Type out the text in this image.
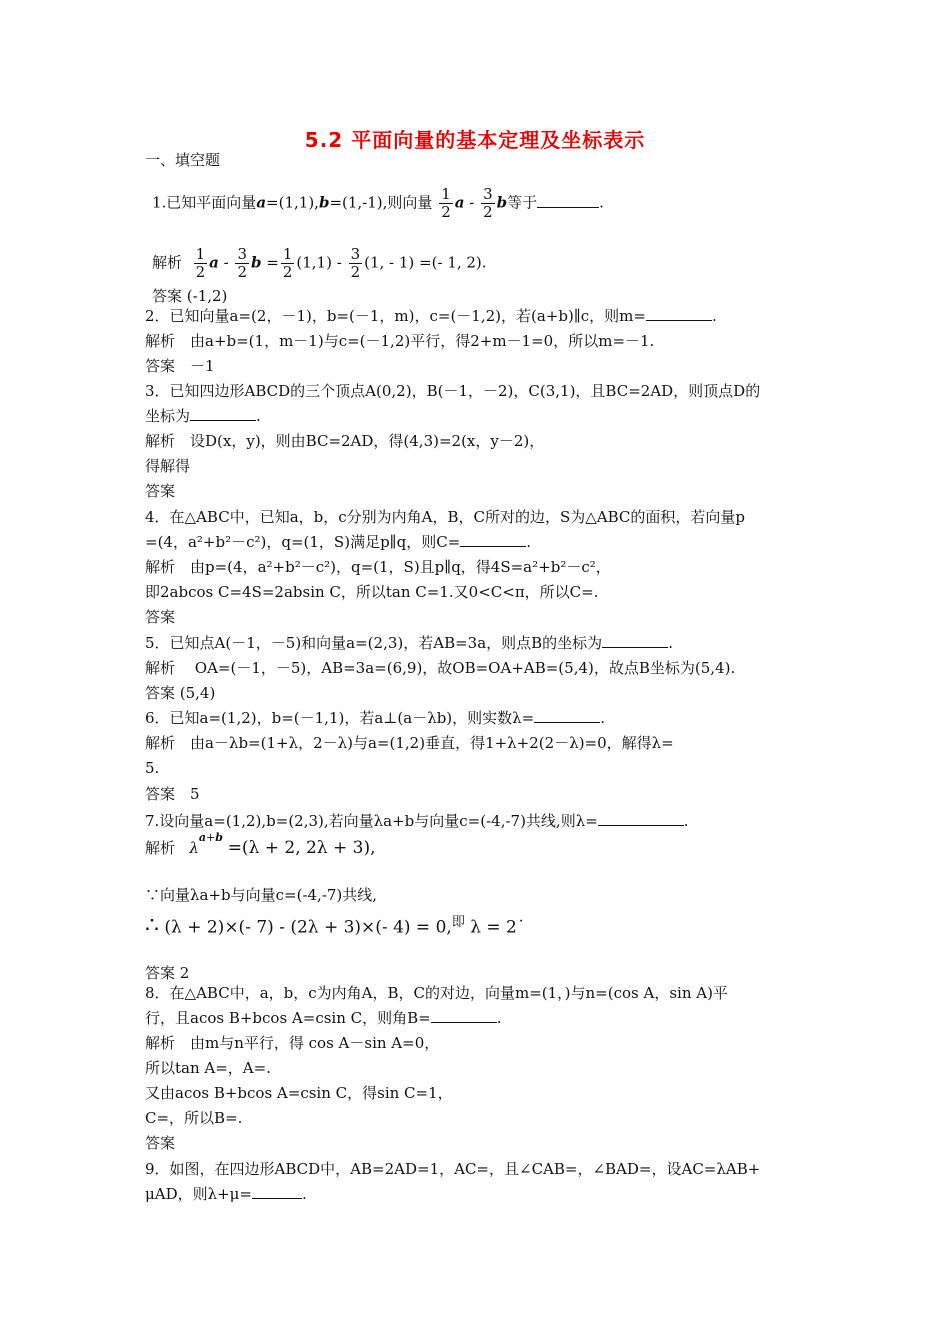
5.2 平面向量的基本定理及坐标表示
一、填空题
1.已知平面向量a=(1,1),b=(1,-1),则向量 $\frac{1}{2}$ a - $\frac{3}{2}$ b等于	.
解析 $\frac{1}{2}$ a - $\frac{3}{2}$ $b = \frac{1}{2} (1,1) - \frac{3}{2} (1$, - 1) =(- 1, 2).
答案 (-1,2)
2．已知向量a=(2，－1)，b=(－1，m)，c=(－1,2)，若(a+b)∥c，则m=	.
解析　由a+b=(1，m－1)与c=(－1,2)平行，得2+m－1=0，所以m=－1.
答案　－1
3．已知四边形ABCD的三个顶点A(0,2)，B(－1，－2)，C(3,1)，且BC=2AD，则顶点D的
坐标为	.
解析　设D(x，y)，则由BC=2AD，得(4,3)=2(x，y－2)，
得解得
答案
4．在△ABC中，已知a，b，c分别为内角A，B，C所对的边，S为△ABC的面积，若向量p
=(4，a²+b²－c²)，q=(1，S)满足p∥q，则C=	.
解析　由p=(4，a²+b²－c²)，q=(1，S)且p∥q，得4S=a²+b²－c²，
即2abcos C=4S=2absin C，所以tan C=1.又0<C<π，所以C=.
答案
5．已知点A(－1，－5)和向量a=(2,3)，若AB=3a，则点B的坐标为	.
解析　 OA=(－1，－5)，AB=3a=(6,9)，故OB=OA+AB=(5,4)，故点B坐标为(5,4).
答案 (5,4)
6．已知a=(1,2)，b=(－1,1)，若a⊥(a－λb)，则实数λ=	.
解析　由a－λb=(1+λ，2－λ)与a=(1,2)垂直，得1+λ+2(2－λ)=0，解得λ=
5.
答案　5
7.设向量a=(1,2),b=(2,3),若向量λa+b与向量c=(-4,-7)共线,则λ=	.
解析 $\lambda^{a+b} =(\lambda + 2$, 2λ + 3),
∵向量λa+b与向量c=(-4,-7)共线,
∴ (λ + 2)×(- 7) - (2λ + 3)×(- 4) = 0,$^即$ λ = 2˙
答案 2
8．在△ABC中，a，b，c为内角A，B，C的对边，向量m=(1，)与n=(cos A，sin A)平
行，且acos B+bcos A=csin C，则角B=	.
解析　由m与n平行，得 cos A－sin A=0，
所以tan A=，A=.
又由acos B+bcos A=csin C，得sin C=1，
C=，所以B=.
答案
9．如图，在四边形ABCD中，AB=2AD=1，AC=，且∠CAB=，∠BAD=，设AC=λAB+
μAD，则λ+μ=	.
